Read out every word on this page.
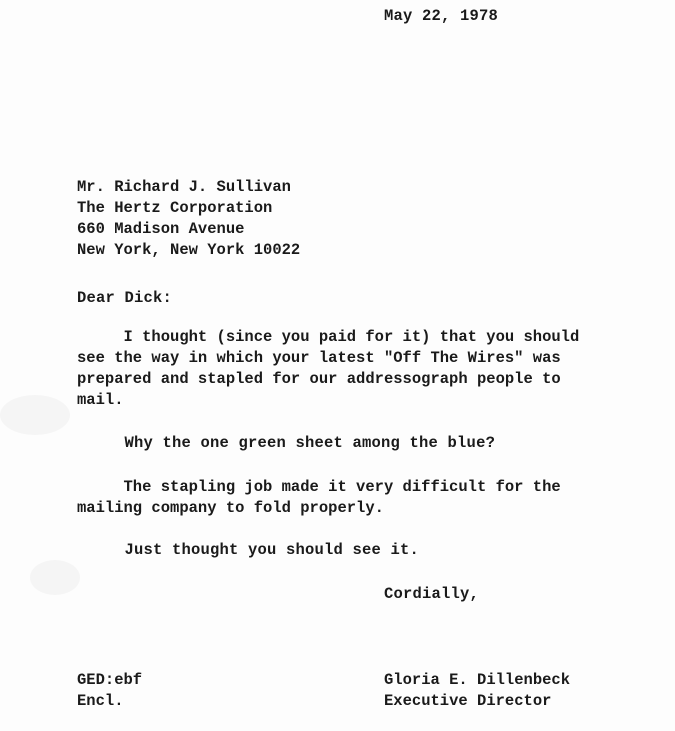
May 22, 1978
Mr. Richard J. Sullivan
The Hertz Corporation
660 Madison Avenue
New York, New York 10022
Dear Dick:
I thought (since you paid for it) that you should
see the way in which your latest "Off The Wires" was
prepared and stapled for our addressograph people to
mail.
Why the one green sheet among the blue?
The stapling job made it very difficult for the
mailing company to fold properly.
Just thought you should see it.
Cordially,
GED:ebf
Encl.
Gloria E. Dillenbeck
Executive Director
